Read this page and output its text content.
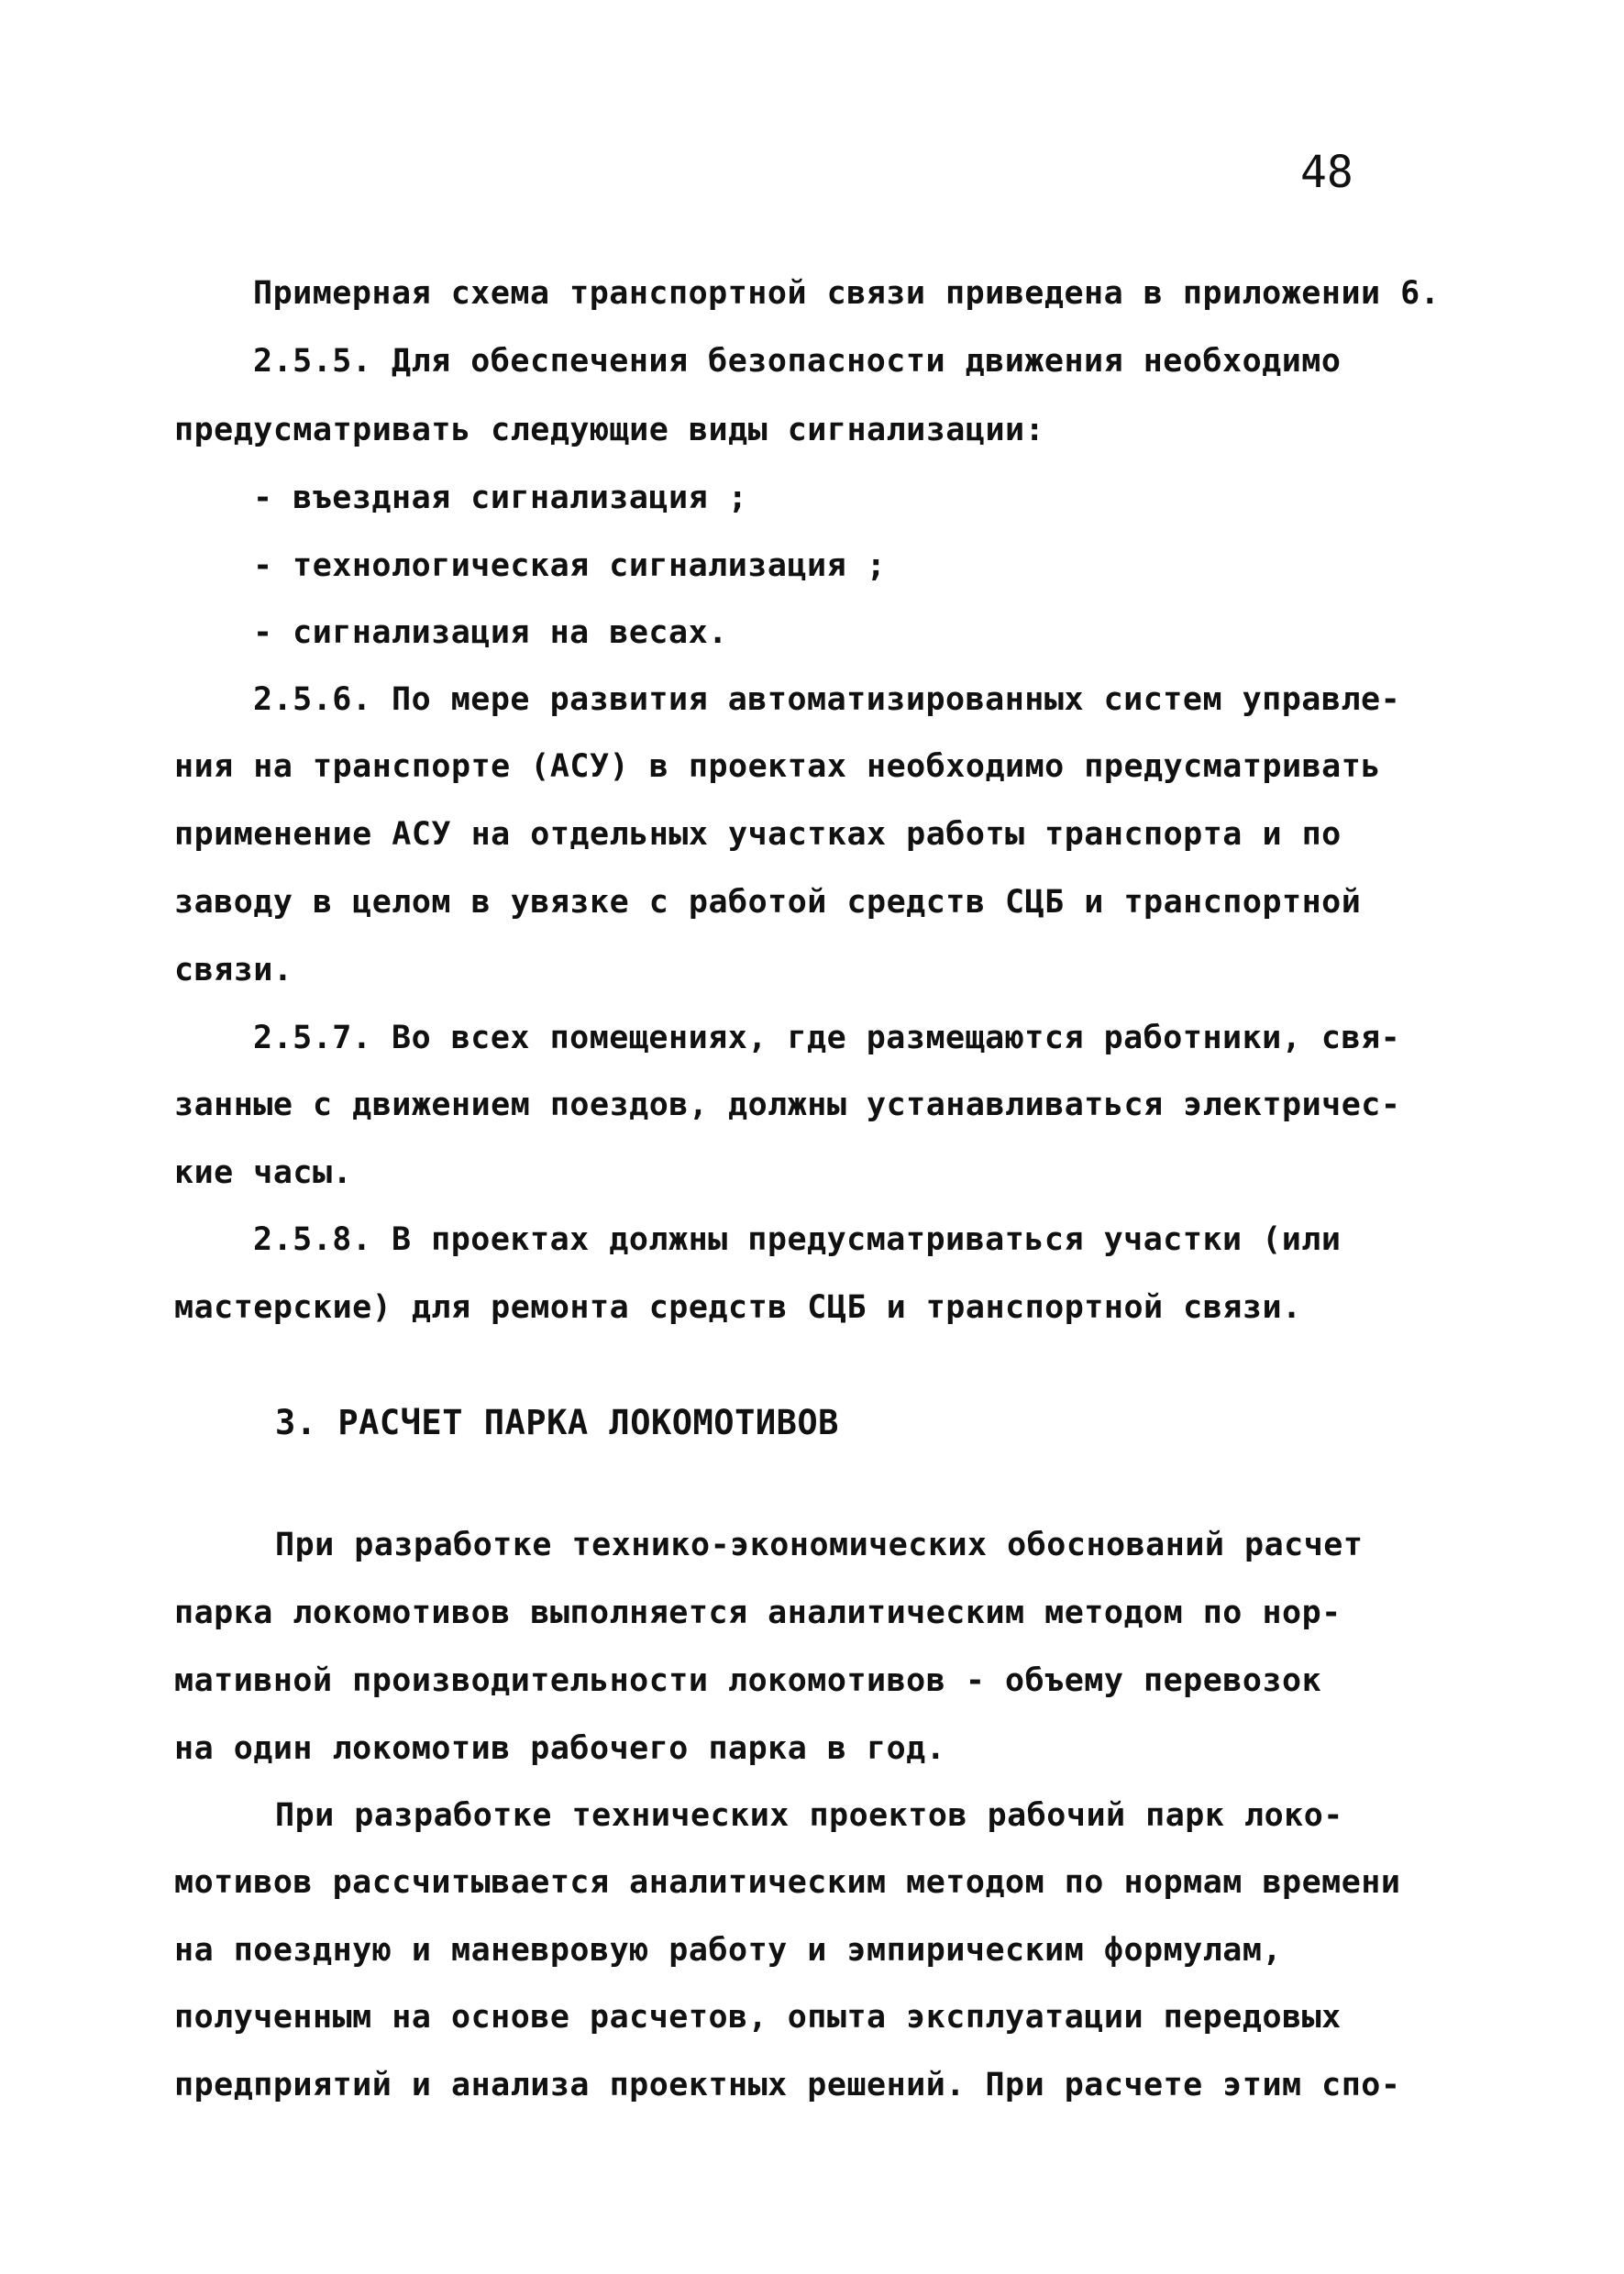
48
Примерная схема транспортной связи приведена в приложении 6.
2.5.5. Для обеспечения безопасности движения необходимо
предусматривать следующие виды сигнализации:
- въездная сигнализация ;
- технологическая сигнализация ;
- сигнализация на весах.
2.5.6. По мере развития автоматизированных систем управле-
ния на транспорте (АСУ) в проектах необходимо предусматривать
применение АСУ на отдельных участках работы транспорта и по
заводу в целом в увязке с работой средств СЦБ и транспортной
связи.
2.5.7. Во всех помещениях, где размещаются работники, свя-
занные с движением поездов, должны устанавливаться электричес-
кие часы.
2.5.8. В проектах должны предусматриваться участки (или
мастерские) для ремонта средств СЦБ и транспортной связи.
3. РАСЧЕТ ПАРКА ЛОКОМОТИВОВ
При разработке технико-экономических обоснований расчет
парка локомотивов выполняется аналитическим методом по нор-
мативной производительности локомотивов - объему перевозок
на один локомотив рабочего парка в год.
При разработке технических проектов рабочий парк локо-
мотивов рассчитывается аналитическим методом по нормам времени
на поездную и маневровую работу и эмпирическим формулам,
полученным на основе расчетов, опыта эксплуатации передовых
предприятий и анализа проектных решений. При расчете этим спо-
